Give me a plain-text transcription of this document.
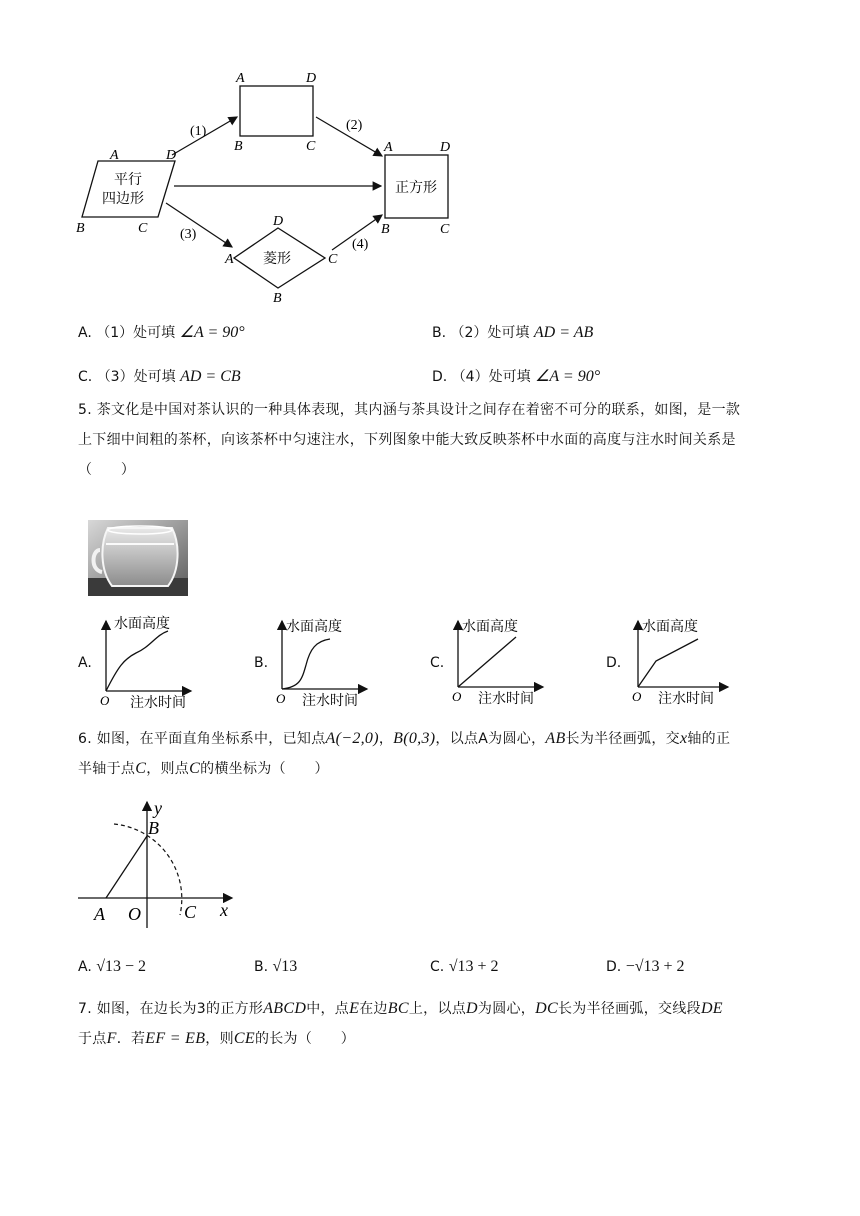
A	D
B	C
A	D
B	C
平行
四边形
A	D
B	C
正方形
D
A	C
B
菱形
(1)	(2)
(3)
(4)
A. （1）处可填 ∠A = 90°	B. （2）处可填 AD = AB
C. （3）处可填 AD = CB	D. （4）处可填 ∠A = 90°
5. 茶文化是中国对茶认识的一种具体表现，其内涵与茶具设计之间存在着密不可分的联系，如图，是一款
上下细中间粗的茶杯，向该茶杯中匀速注水，下列图象中能大致反映茶杯中水面的高度与注水时间关系是
（　　）
A.
水面高度
注水时间
O
B.
水面高度
注水时间
O
C.
水面高度
注水时间
O
D.
水面高度
注水时间
O
6. 如图，在平面直角坐标系中，已知点A(−2,0)，B(0,3)，以点A为圆心，AB长为半径画弧，交x轴的正
半轴于点C，则点C的横坐标为（　　）
y
B
A O C x
A. √13 − 2	B. √13	C. √13 + 2	D. −√13 + 2
7. 如图，在边长为3的正方形ABCD中，点E在边BC上，以点D为圆心，DC长为半径画弧，交线段DE
于点F．若EF = EB，则CE的长为（　　）
